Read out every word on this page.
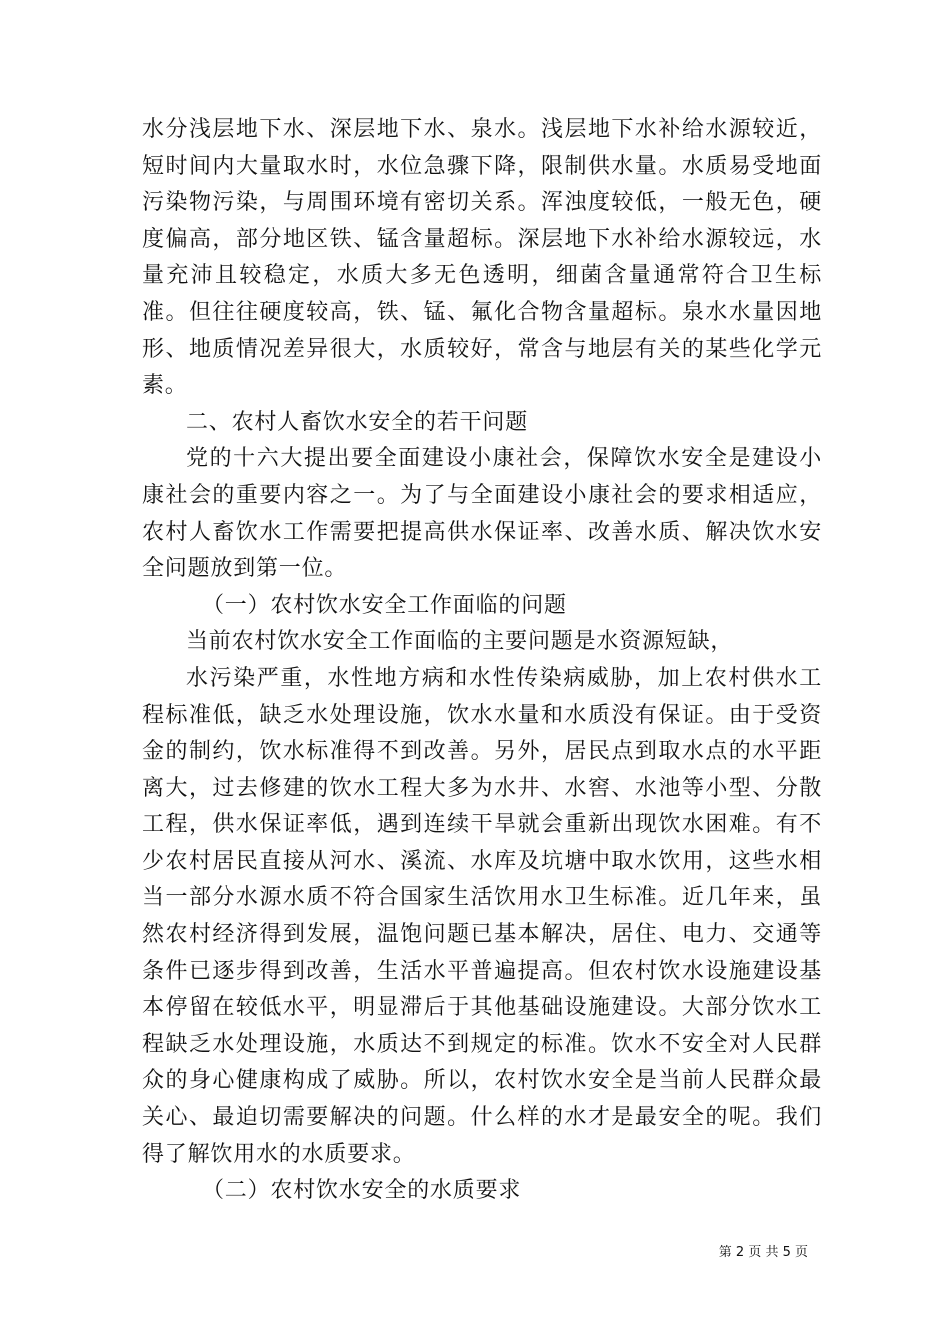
水分浅层地下水、深层地下水、泉水。浅层地下水补给水源较近，短时间内大量取水时，水位急骤下降，限制供水量。水质易受地面污染物污染，与周围环境有密切关系。浑浊度较低，一般无色，硬度偏高，部分地区铁、锰含量超标。深层地下水补给水源较远，水量充沛且较稳定，水质大多无色透明，细菌含量通常符合卫生标准。但往往硬度较高，铁、锰、氟化合物含量超标。泉水水量因地形、地质情况差异很大，水质较好，常含与地层有关的某些化学元素。

二、农村人畜饮水安全的若干问题

党的十六大提出要全面建设小康社会，保障饮水安全是建设小康社会的重要内容之一。为了与全面建设小康社会的要求相适应，农村人畜饮水工作需要把提高供水保证率、改善水质、解决饮水安全问题放到第一位。

（一）农村饮水安全工作面临的问题

当前农村饮水安全工作面临的主要问题是水资源短缺，

水污染严重，水性地方病和水性传染病威胁，加上农村供水工程标准低，缺乏水处理设施，饮水水量和水质没有保证。由于受资金的制约，饮水标准得不到改善。另外，居民点到取水点的水平距离大，过去修建的饮水工程大多为水井、水窖、水池等小型、分散工程，供水保证率低，遇到连续干旱就会重新出现饮水困难。有不少农村居民直接从河水、溪流、水库及坑塘中取水饮用，这些水相当一部分水源水质不符合国家生活饮用水卫生标准。近几年来，虽然农村经济得到发展，温饱问题已基本解决，居住、电力、交通等条件已逐步得到改善，生活水平普遍提高。但农村饮水设施建设基本停留在较低水平，明显滞后于其他基础设施建设。大部分饮水工程缺乏水处理设施，水质达不到规定的标准。饮水不安全对人民群众的身心健康构成了威胁。所以，农村饮水安全是当前人民群众最关心、最迫切需要解决的问题。什么样的水才是最安全的呢。我们得了解饮用水的水质要求。

（二）农村饮水安全的水质要求

第 2 页 共 5 页
